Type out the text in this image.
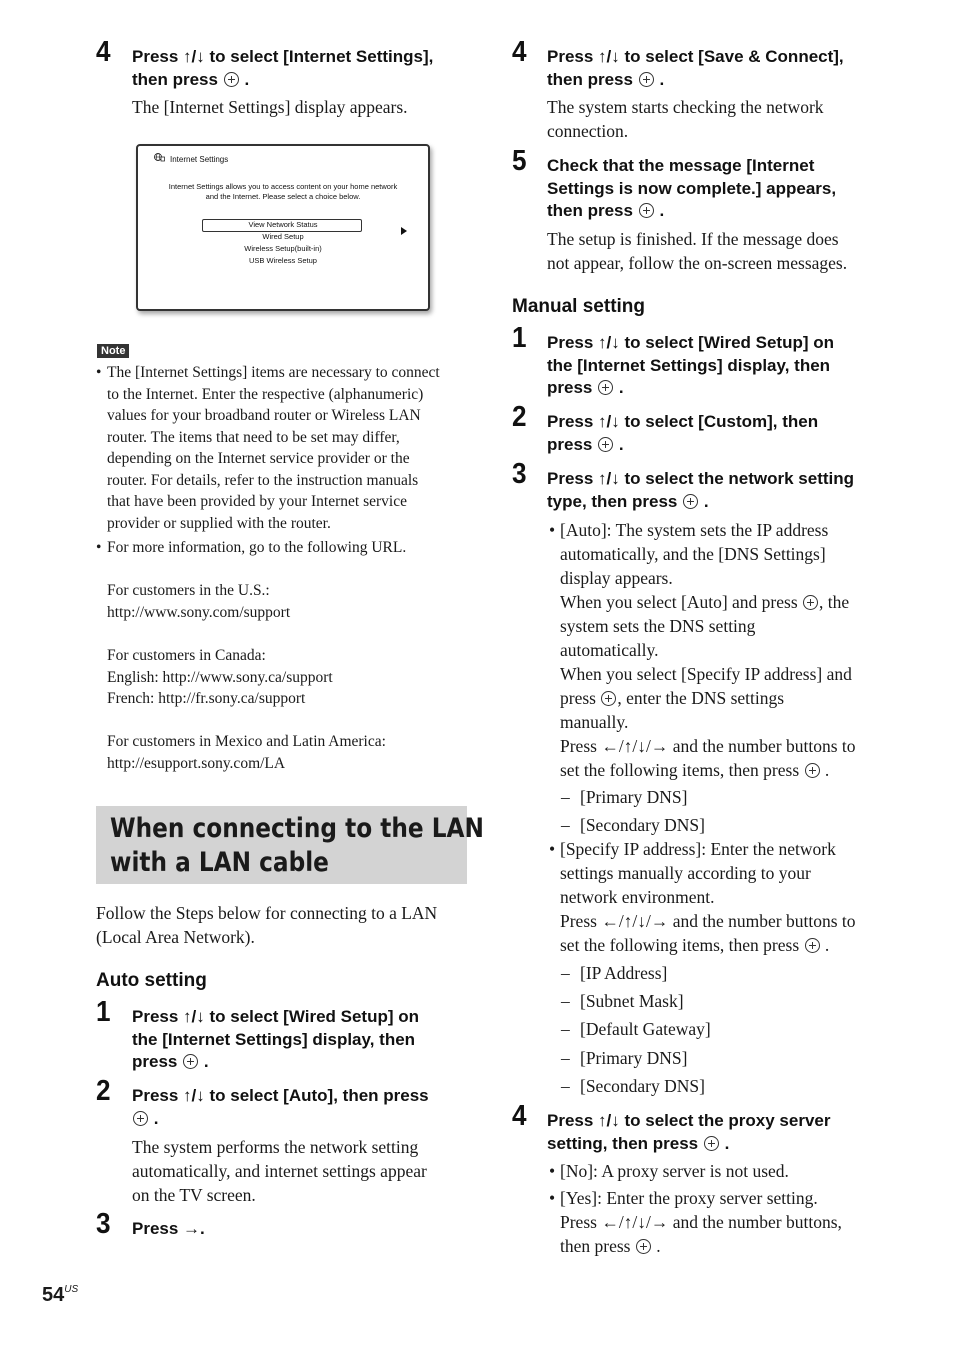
4 Press ↑/↓ to select [Internet Settings],
then press  .
The [Internet Settings] display appears.
Internet Settings
Internet Settings allows you to access content on your home network
and the Internet. Please select a choice below.
View Network Status
Wired Setup
Wireless Setup(built-in)
USB Wireless Setup
Note
• The [Internet Settings] items are necessary to connect
to the Internet. Enter the respective (alphanumeric)
values for your broadband router or Wireless LAN
router. The items that need to be set may differ,
depending on the Internet service provider or the
router. For details, refer to the instruction manuals
that have been provided by your Internet service
provider or supplied with the router.
• For more information, go to the following URL.
For customers in the U.S.:
http://www.sony.com/support
For customers in Canada:
English: http://www.sony.ca/support
French: http://fr.sony.ca/support
For customers in Mexico and Latin America:
http://esupport.sony.com/LA
When connecting to the LAN
with a LAN cable
Follow the Steps below for connecting to a LAN
(Local Area Network).
Auto setting
1 Press ↑/↓ to select [Wired Setup] on
the [Internet Settings] display, then
press  .
2 Press ↑/↓ to select [Auto], then press
.
The system performs the network setting
automatically, and internet settings appear
on the TV screen.
3 Press →.
4 Press ↑/↓ to select [Save & Connect],
then press  .
The system starts checking the network
connection.
5 Check that the message [Internet
Settings is now complete.] appears,
then press  .
The setup is finished. If the message does
not appear, follow the on-screen messages.
Manual setting
1 Press ↑/↓ to select [Wired Setup] on
the [Internet Settings] display, then
press  .
2 Press ↑/↓ to select [Custom], then
press  .
3 Press ↑/↓ to select the network setting
type, then press  .
• [Auto]: The system sets the IP address
automatically, and the [DNS Settings]
display appears.
When you select [Auto] and press , the
system sets the DNS setting
automatically.
When you select [Specify IP address] and
press , enter the DNS settings
manually.
Press ←/↑/↓/→ and the number buttons to
set the following items, then press  .
– [Primary DNS]
– [Secondary DNS]
• [Specify IP address]: Enter the network
settings manually according to your
network environment.
Press ←/↑/↓/→ and the number buttons to
set the following items, then press  .
– [IP Address]
– [Subnet Mask]
– [Default Gateway]
– [Primary DNS]
– [Secondary DNS]
4 Press ↑/↓ to select the proxy server
setting, then press  .
• [No]: A proxy server is not used.
• [Yes]: Enter the proxy server setting.
Press ←/↑/↓/→ and the number buttons,
then press  .
$54^{US}$
